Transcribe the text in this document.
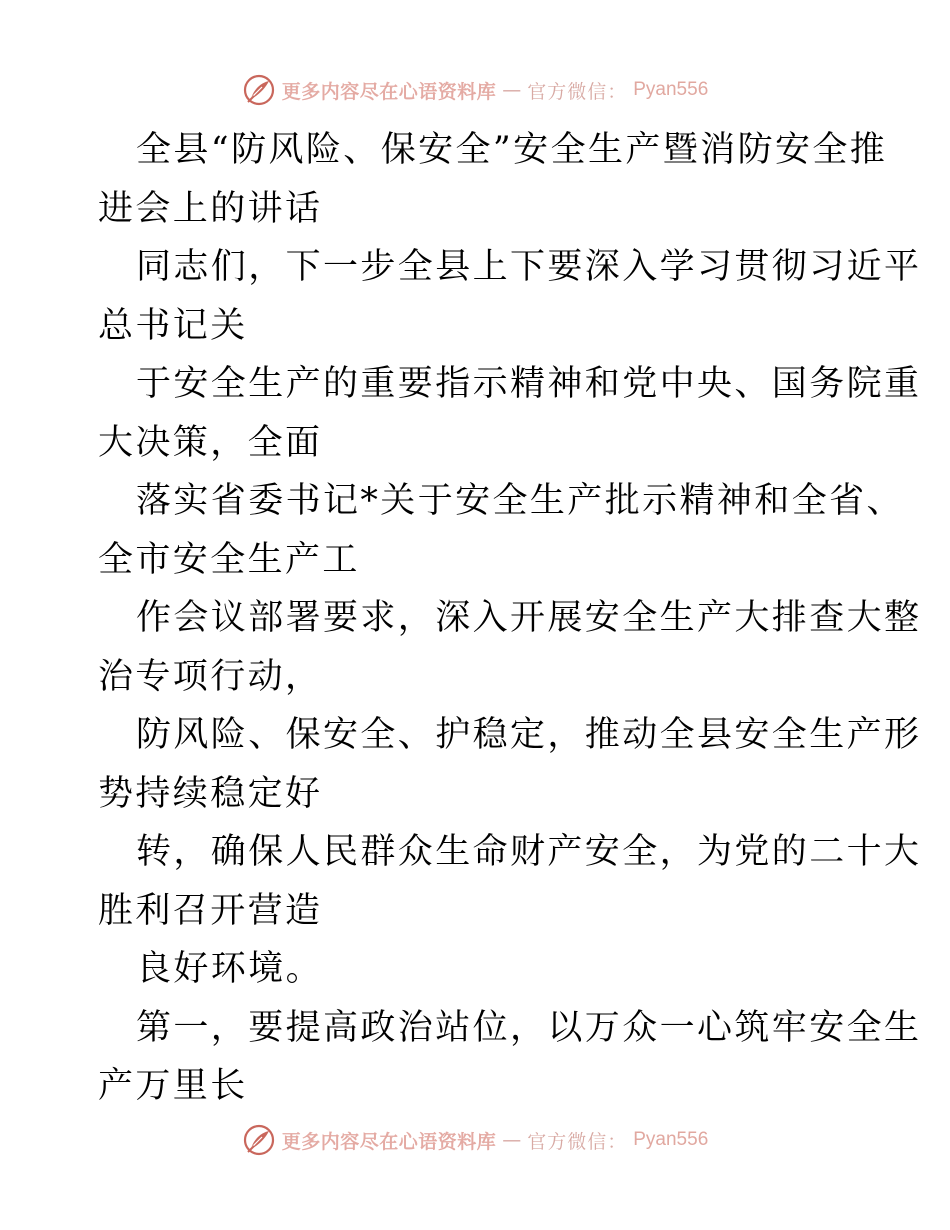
更多内容尽在心语资料库 — 官方微信： Pyan556
全县“防风险、保安全”安全生产暨消防安全推
进会上的讲话
同志们，下一步全县上下要深入学习贯彻习近平
总书记关
于安全生产的重要指示精神和党中央、国务院重
大决策，全面
落实省委书记*关于安全生产批示精神和全省、
全市安全生产工
作会议部署要求，深入开展安全生产大排查大整
治专项行动，
防风险、保安全、护稳定，推动全县安全生产形
势持续稳定好
转，确保人民群众生命财产安全，为党的二十大
胜利召开营造
良好环境。
第一，要提高政治站位，以万众一心筑牢安全生
产万里长
更多内容尽在心语资料库 — 官方微信： Pyan556
